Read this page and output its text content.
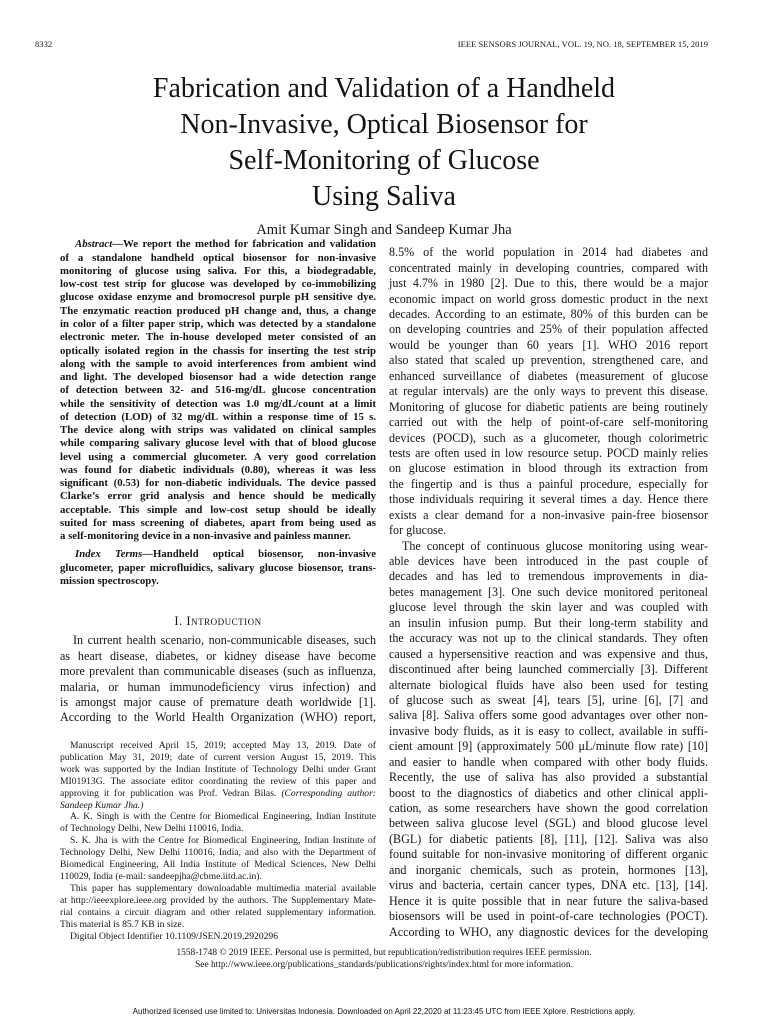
8332	IEEE SENSORS JOURNAL, VOL. 19, NO. 18, SEPTEMBER 15, 2019
Fabrication and Validation of a Handheld
Non-Invasive, Optical Biosensor for
Self-Monitoring of Glucose
Using Saliva
Amit Kumar Singh and Sandeep Kumar Jha
Abstract—We report the method for fabrication and validation
of a standalone handheld optical biosensor for non-invasive
monitoring of glucose using saliva. For this, a biodegradable,
low-cost test strip for glucose was developed by co-immobilizing
glucose oxidase enzyme and bromocresol purple pH sensitive dye.
The enzymatic reaction produced pH change and, thus, a change
in color of a filter paper strip, which was detected by a standalone
electronic meter. The in-house developed meter consisted of an
optically isolated region in the chassis for inserting the test strip
along with the sample to avoid interferences from ambient wind
and light. The developed biosensor had a wide detection range
of detection between 32- and 516-mg/dL glucose concentration
while the sensitivity of detection was 1.0 mg/dL/count at a limit
of detection (LOD) of 32 mg/dL within a response time of 15 s.
The device along with strips was validated on clinical samples
while comparing salivary glucose level with that of blood glucose
level using a commercial glucometer. A very good correlation
was found for diabetic individuals (0.80), whereas it was less
significant (0.53) for non-diabetic individuals. The device passed
Clarke’s error grid analysis and hence should be medically
acceptable. This simple and low-cost setup should be ideally
suited for mass screening of diabetes, apart from being used as
a self-monitoring device in a non-invasive and painless manner.
Index Terms—Handheld optical biosensor, non-invasive
glucometer, paper microfluidics, salivary glucose biosensor, trans-
mission spectroscopy.
I. Introduction
In current health scenario, non-communicable diseases, such
as heart disease, diabetes, or kidney disease have become
more prevalent than communicable diseases (such as influenza,
malaria, or human immunodeficiency virus infection) and
is amongst major cause of premature death worldwide [1].
According to the World Health Organization (WHO) report,
Manuscript received April 15, 2019; accepted May 13, 2019. Date of
publication May 31, 2019; date of current version August 15, 2019. This
work was supported by the Indian Institute of Technology Delhi under Grant
MI01913G. The associate editor coordinating the review of this paper and
approving it for publication was Prof. Vedran Bilas. (Corresponding author:
Sandeep Kumar Jha.)
A. K. Singh is with the Centre for Biomedical Engineering, Indian Institute
of Technology Delhi, New Delhi 110016, India.
S. K. Jha is with the Centre for Biomedical Engineering, Indian Institute of
Technology Delhi, New Delhi 110016, India, and also with the Department of
Biomedical Engineering, All India Institute of Medical Sciences, New Delhi
110029, India (e-mail: sandeepjha@cbme.iitd.ac.in).
This paper has supplementary downloadable multimedia material available
at http://ieeexplore.ieee.org provided by the authors. The Supplementary Mate-
rial contains a circuit diagram and other related supplementary information.
This material is 85.7 KB in size.
Digital Object Identifier 10.1109/JSEN.2019.2920296
8.5% of the world population in 2014 had diabetes and
concentrated mainly in developing countries, compared with
just 4.7% in 1980 [2]. Due to this, there would be a major
economic impact on world gross domestic product in the next
decades. According to an estimate, 80% of this burden can be
on developing countries and 25% of their population affected
would be younger than 60 years [1]. WHO 2016 report
also stated that scaled up prevention, strengthened care, and
enhanced surveillance of diabetes (measurement of glucose
at regular intervals) are the only ways to prevent this disease.
Monitoring of glucose for diabetic patients are being routinely
carried out with the help of point-of-care self-monitoring
devices (POCD), such as a glucometer, though colorimetric
tests are often used in low resource setup. POCD mainly relies
on glucose estimation in blood through its extraction from
the fingertip and is thus a painful procedure, especially for
those individuals requiring it several times a day. Hence there
exists a clear demand for a non-invasive pain-free biosensor
for glucose.
The concept of continuous glucose monitoring using wear-
able devices have been introduced in the past couple of
decades and has led to tremendous improvements in dia-
betes management [3]. One such device monitored peritoneal
glucose level through the skin layer and was coupled with
an insulin infusion pump. But their long-term stability and
the accuracy was not up to the clinical standards. They often
caused a hypersensitive reaction and was expensive and thus,
discontinued after being launched commercially [3]. Different
alternate biological fluids have also been used for testing
of glucose such as sweat [4], tears [5], urine [6], [7] and
saliva [8]. Saliva offers some good advantages over other non-
invasive body fluids, as it is easy to collect, available in suffi-
cient amount [9] (approximately 500 μL/minute flow rate) [10]
and easier to handle when compared with other body fluids.
Recently, the use of saliva has also provided a substantial
boost to the diagnostics of diabetics and other clinical appli-
cation, as some researchers have shown the good correlation
between saliva glucose level (SGL) and blood glucose level
(BGL) for diabetic patients [8], [11], [12]. Saliva was also
found suitable for non-invasive monitoring of different organic
and inorganic chemicals, such as protein, hormones [13],
virus and bacteria, certain cancer types, DNA etc. [13], [14].
Hence it is quite possible that in near future the saliva-based
biosensors will be used in point-of-care technologies (POCT).
According to WHO, any diagnostic devices for the developing
1558-1748 © 2019 IEEE. Personal use is permitted, but republication/redistribution requires IEEE permission.
See http://www.ieee.org/publications_standards/publications/rights/index.html for more information.
Authorized licensed use limited to: Universitas Indonesia. Downloaded on April 22,2020 at 11:23:45 UTC from IEEE Xplore. Restrictions apply.
